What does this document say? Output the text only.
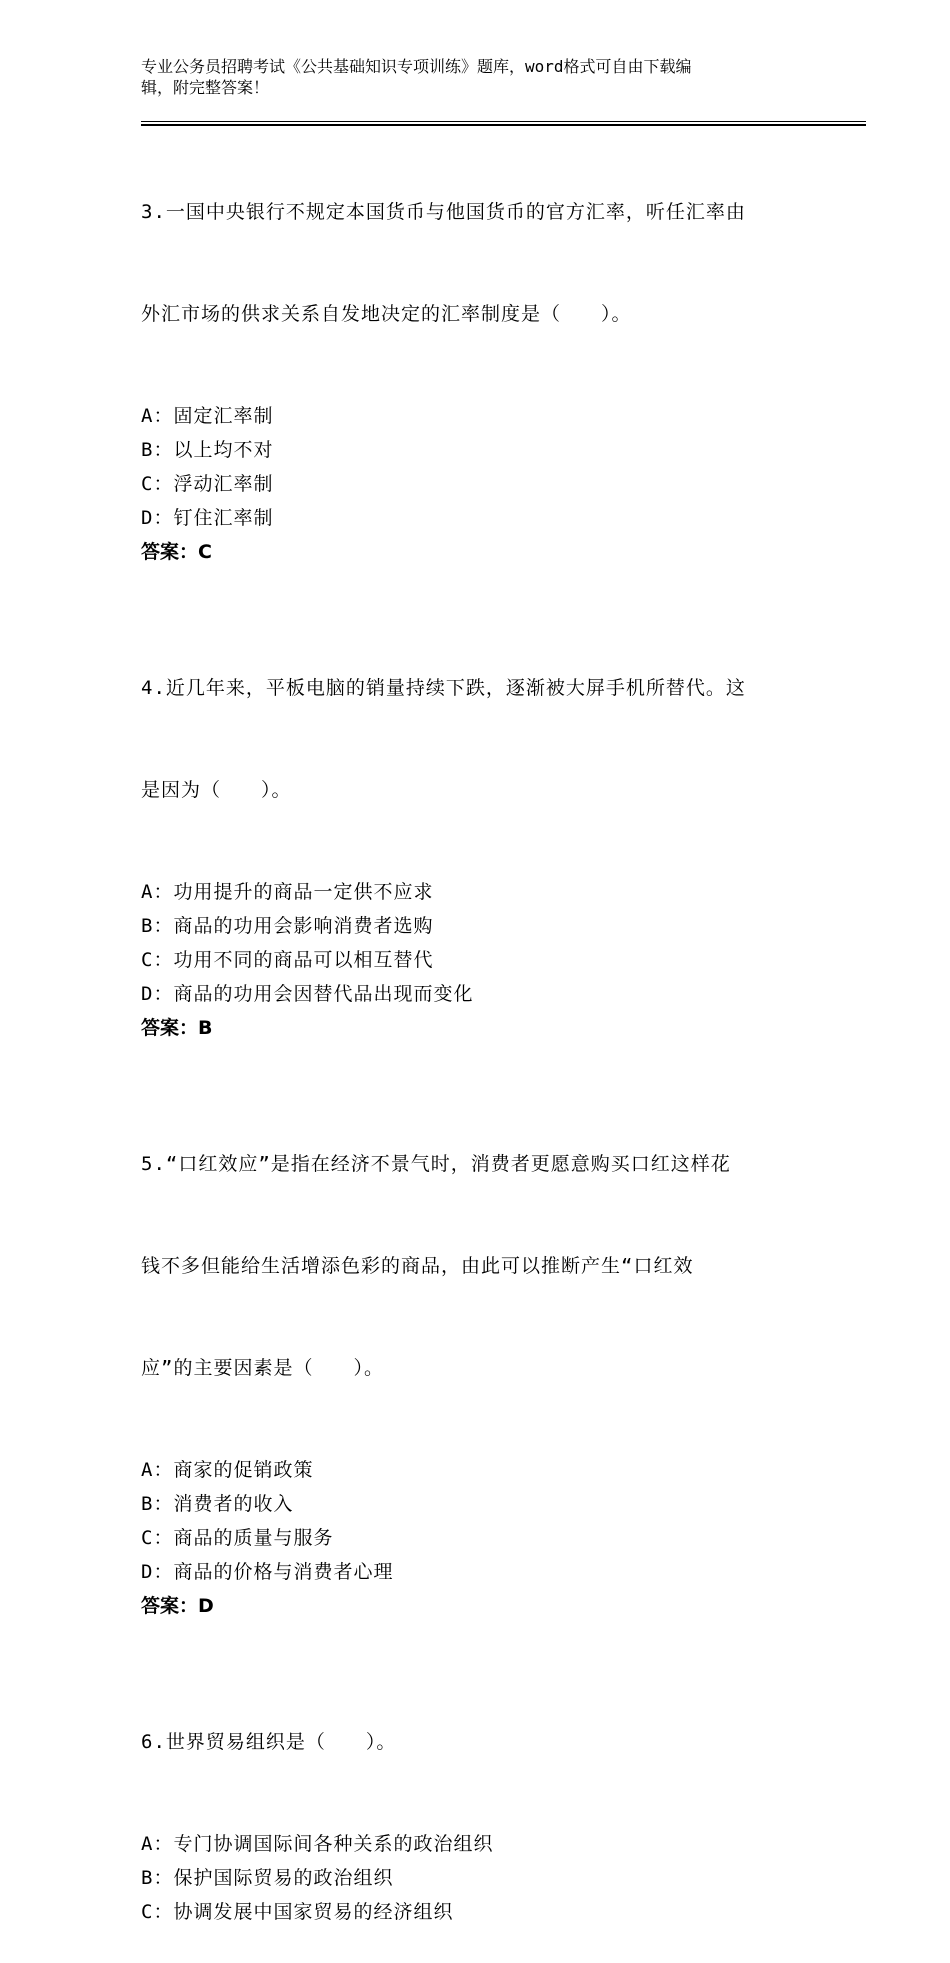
专业公务员招聘考试《公共基础知识专项训练》题库，word格式可自由下载编
辑，附完整答案！

3.一国中央银行不规定本国货币与他国货币的官方汇率，听任汇率由

外汇市场的供求关系自发地决定的汇率制度是（　　）。

A：固定汇率制
B：以上均不对
C：浮动汇率制
D：钉住汇率制
答案：C

4.近几年来，平板电脑的销量持续下跌，逐渐被大屏手机所替代。这

是因为（　　）。

A：功用提升的商品一定供不应求
B：商品的功用会影响消费者选购
C：功用不同的商品可以相互替代
D：商品的功用会因替代品出现而变化
答案：B

5.“口红效应”是指在经济不景气时，消费者更愿意购买口红这样花

钱不多但能给生活增添色彩的商品，由此可以推断产生“口红效

应”的主要因素是（　　）。

A：商家的促销政策
B：消费者的收入
C：商品的质量与服务
D：商品的价格与消费者心理
答案：D

6.世界贸易组织是（　　）。

A：专门协调国际间各种关系的政治组织
B：保护国际贸易的政治组织
C：协调发展中国家贸易的经济组织
